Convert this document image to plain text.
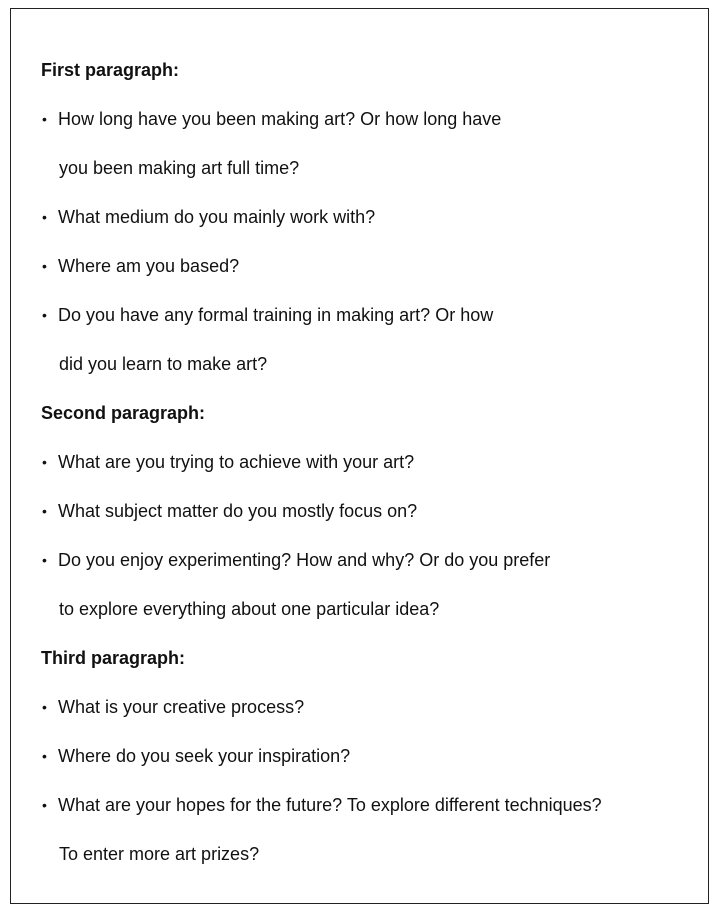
First paragraph:
• How long have you been making art? Or how long have
you been making art full time?
• What medium do you mainly work with?
• Where am you based?
• Do you have any formal training in making art? Or how
did you learn to make art?
Second paragraph:
• What are you trying to achieve with your art?
• What subject matter do you mostly focus on?
• Do you enjoy experimenting? How and why? Or do you prefer
to explore everything about one particular idea?
Third paragraph:
• What is your creative process?
• Where do you seek your inspiration?
• What are your hopes for the future? To explore different techniques?
To enter more art prizes?
